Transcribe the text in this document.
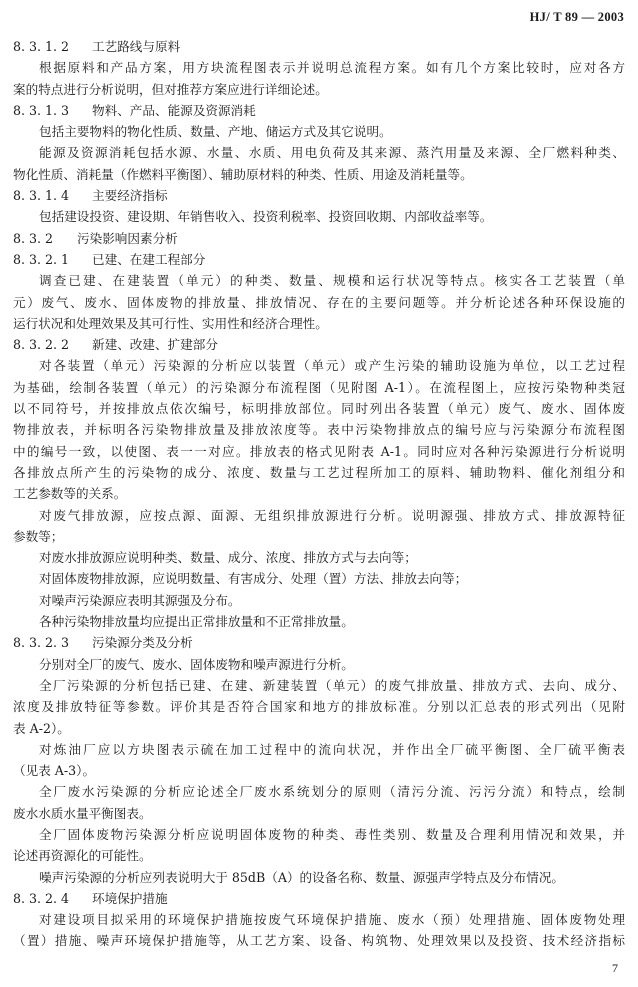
HJ/ T 89 — 2003
8. 3. 1. 2 工艺路线与原料
根据原料和产品方案，用方块流程图表示并说明总流程方案。如有几个方案比较时，应对各方
案的特点进行分析说明，但对推荐方案应进行详细论述。
8. 3. 1. 3 物料、产品、能源及资源消耗
包括主要物料的物化性质、数量、产地、储运方式及其它说明。
能源及资源消耗包括水源、水量、水质、用电负荷及其来源、蒸汽用量及来源、全厂燃料种类、
物化性质、消耗量（作燃料平衡图）、辅助原材料的种类、性质、用途及消耗量等。
8. 3. 1. 4 主要经济指标
包括建设投资、建设期、年销售收入、投资利税率、投资回收期、内部收益率等。
8. 3. 2 污染影响因素分析
8. 3. 2. 1 已建、在建工程部分
调查已建、在建装置（单元）的种类、数量、规模和运行状况等特点。核实各工艺装置（单
元）废气、废水、固体废物的排放量、排放情况、存在的主要问题等。并分析论述各种环保设施的
运行状况和处理效果及其可行性、实用性和经济合理性。
8. 3. 2. 2 新建、改建、扩建部分
对各装置（单元）污染源的分析应以装置（单元）或产生污染的辅助设施为单位，以工艺过程
为基础，绘制各装置（单元）的污染源分布流程图（见附图 A-1）。在流程图上，应按污染物种类冠
以不同符号，并按排放点依次编号，标明排放部位。同时列出各装置（单元）废气、废水、固体废
物排放表，并标明各污染物排放量及排放浓度等。表中污染物排放点的编号应与污染源分布流程图
中的编号一致，以使图、表一一对应。排放表的格式见附表 A-1。同时应对各种污染源进行分析说明
各排放点所产生的污染物的成分、浓度、数量与工艺过程所加工的原料、辅助物料、催化剂组分和
工艺参数等的关系。
对废气排放源，应按点源、面源、无组织排放源进行分析。说明源强、排放方式、排放源特征
参数等；
对废水排放源应说明种类、数量、成分、浓度、排放方式与去向等；
对固体废物排放源，应说明数量、有害成分、处理（置）方法、排放去向等；
对噪声污染源应表明其源强及分布。
各种污染物排放量均应提出正常排放量和不正常排放量。
8. 3. 2. 3 污染源分类及分析
分别对全厂的废气、废水、固体废物和噪声源进行分析。
全厂污染源的分析包括已建、在建、新建装置（单元）的废气排放量、排放方式、去向、成分、
浓度及排放特征等参数。评价其是否符合国家和地方的排放标准。分别以汇总表的形式列出（见附
表 A-2）。
对炼油厂应以方块图表示硫在加工过程中的流向状况，并作出全厂硫平衡图、全厂硫平衡表
（见表 A-3）。
全厂废水污染源的分析应论述全厂废水系统划分的原则（清污分流、污污分流）和特点，绘制
废水水质水量平衡图表。
全厂固体废物污染源分析应说明固体废物的种类、毒性类别、数量及合理利用情况和效果，并
论述再资源化的可能性。
噪声污染源的分析应列表说明大于 85dB（A）的设备名称、数量、源强声学特点及分布情况。
8. 3. 2. 4 环境保护措施
对建设项目拟采用的环境保护措施按废气环境保护措施、废水（预）处理措施、固体废物处理
（置）措施、噪声环境保护措施等，从工艺方案、设备、构筑物、处理效果以及投资、技术经济指标
7
